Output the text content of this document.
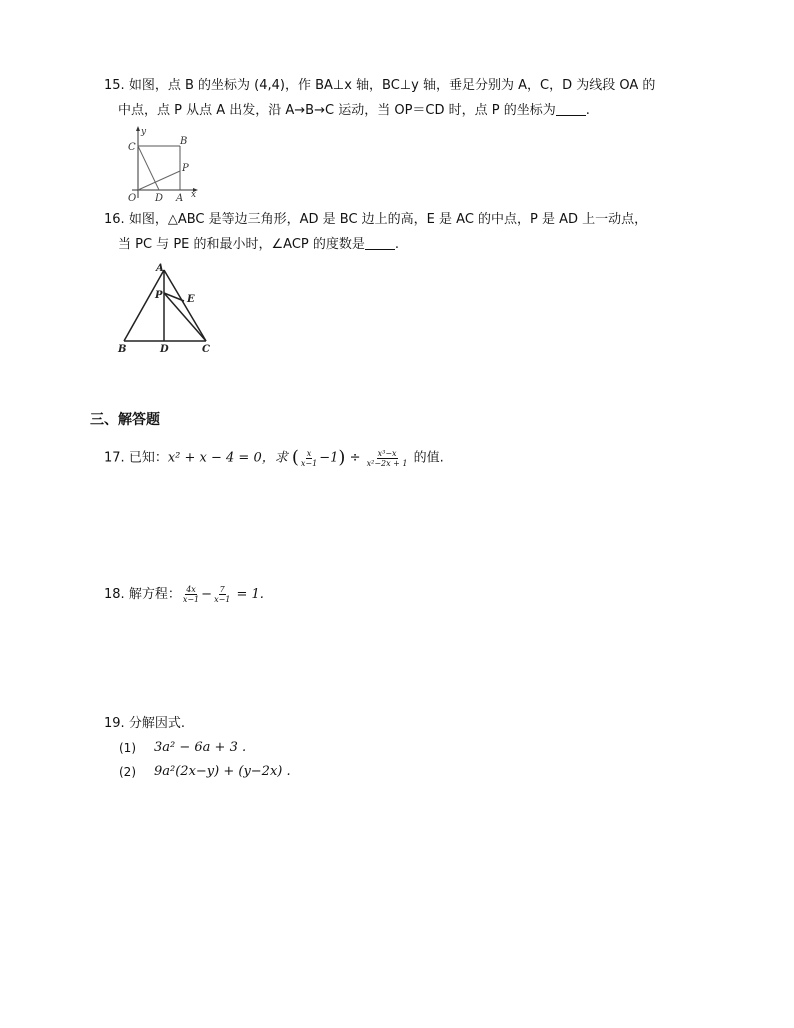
15. 如图，点 B 的坐标为 (4,4)，作 BA⊥x 轴，BC⊥y 轴，垂足分别为 A，C，D 为线段 OA 的
中点，点 P 从点 A 出发，沿 A→B→C 运动，当 OP＝CD 时，点 P 的坐标为 .
y
C
B
P
O D A x
16. 如图，△ABC 是等边三角形，AD 是 BC 边上的高，E 是 AC 的中点，P 是 AD 上一动点，
当 PC 与 PE 的和最小时，∠ACP 的度数是 .
A
P E
B	D	C
三、解答题
17. 已知：x² + x − 4 = 0，求 ( $\frac{x}{x-1} -1) \div \frac{\text{x³−x}}{\text{x²−2x + 1}}$ 的值.
18. 解方程： $\frac{4x}{x-1} - \frac{7}{x-1} = 1$.
19. 分解因式.
(1) 3a² − 6a + 3 .
(2) 9a²(2x−y) + (y−2x) .
